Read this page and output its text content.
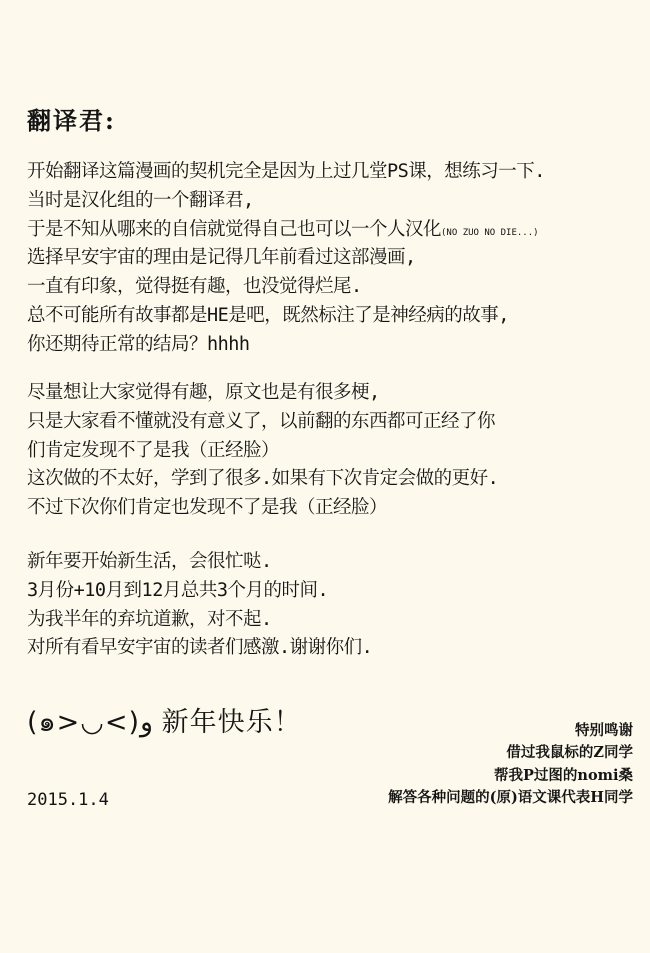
翻译君:
开始翻译这篇漫画的契机完全是因为上过几堂PS课，想练习一下.
当时是汉化组的一个翻译君,
于是不知从哪来的自信就觉得自己也可以一个人汉化(NO ZUO NO DIE...)
选择早安宇宙的理由是记得几年前看过这部漫画,
一直有印象，觉得挺有趣，也没觉得烂尾.
总不可能所有故事都是HE是吧，既然标注了是神经病的故事,
你还期待正常的结局？hhhh
尽量想让大家觉得有趣，原文也是有很多梗,
只是大家看不懂就没有意义了，以前翻的东西都可正经了你
们肯定发现不了是我（正经脸）
这次做的不太好，学到了很多.如果有下次肯定会做的更好.
不过下次你们肯定也发现不了是我（正经脸）
新年要开始新生活，会很忙哒.
3月份+10月到12月总共3个月的时间.
为我半年的弃坑道歉，对不起.
对所有看早安宇宙的读者们感激.谢谢你们.
(๑>◡<)و 新年快乐！
2015.1.4
特别鸣谢
借过我鼠标的Z同学
帮我P过图的nomi桑
解答各种问题的(原)语文课代表H同学
